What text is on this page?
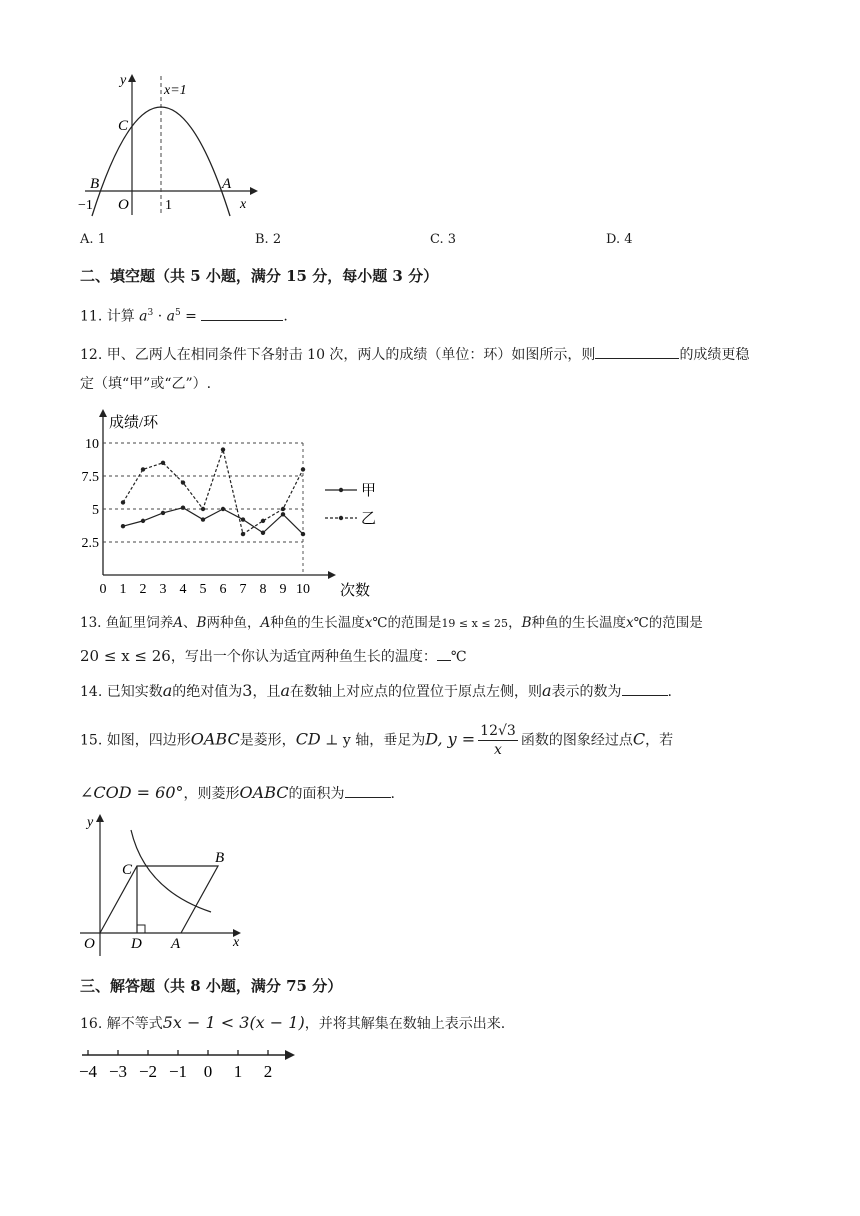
y
x
x=1
C
B	A
O
−1	1
A. 1	B. 2	C. 3	D. 4
二、填空题（共 5 小题，满分 15 分，每小题 3 分）
11. 计算 $a^3 \cdot a^5$ =	.
12. 甲、乙两人在相同条件下各射击 10 次，两人的成绩（单位：环）如图所示，则	的成绩更稳
定（填“甲”或“乙”）.
2.5
5
7.5
10
0 1 2 3 4 5 6 7 8 9 10
成绩/环
次数
甲
乙
13. 鱼缸里饲养A、B两种鱼，A种鱼的生长温度x℃的范围是19 ≤ x ≤ 25，B种鱼的生长温度x℃的范围是
20 ≤ x ≤ 26，写出一个你认为适宜两种鱼生长的温度： ℃
14. 已知实数a的绝对值为3，且a在数轴上对应点的位置位于原点左侧，则a表示的数为	.
15. 如图，四边形OABC是菱形，CD ⊥ y 轴，垂足为D, $y = \frac{12√3}{x}$ 函数的图象经过点C，若
∠COD = 60°，则菱形OABC的面积为	.
y
x
C
B
O D A
三、解答题（共 8 小题，满分 75 分）
16. 解不等式5x − 1 < 3(x − 1)，并将其解集在数轴上表示出来.
−4 −3 −2 −1 0 1 2
